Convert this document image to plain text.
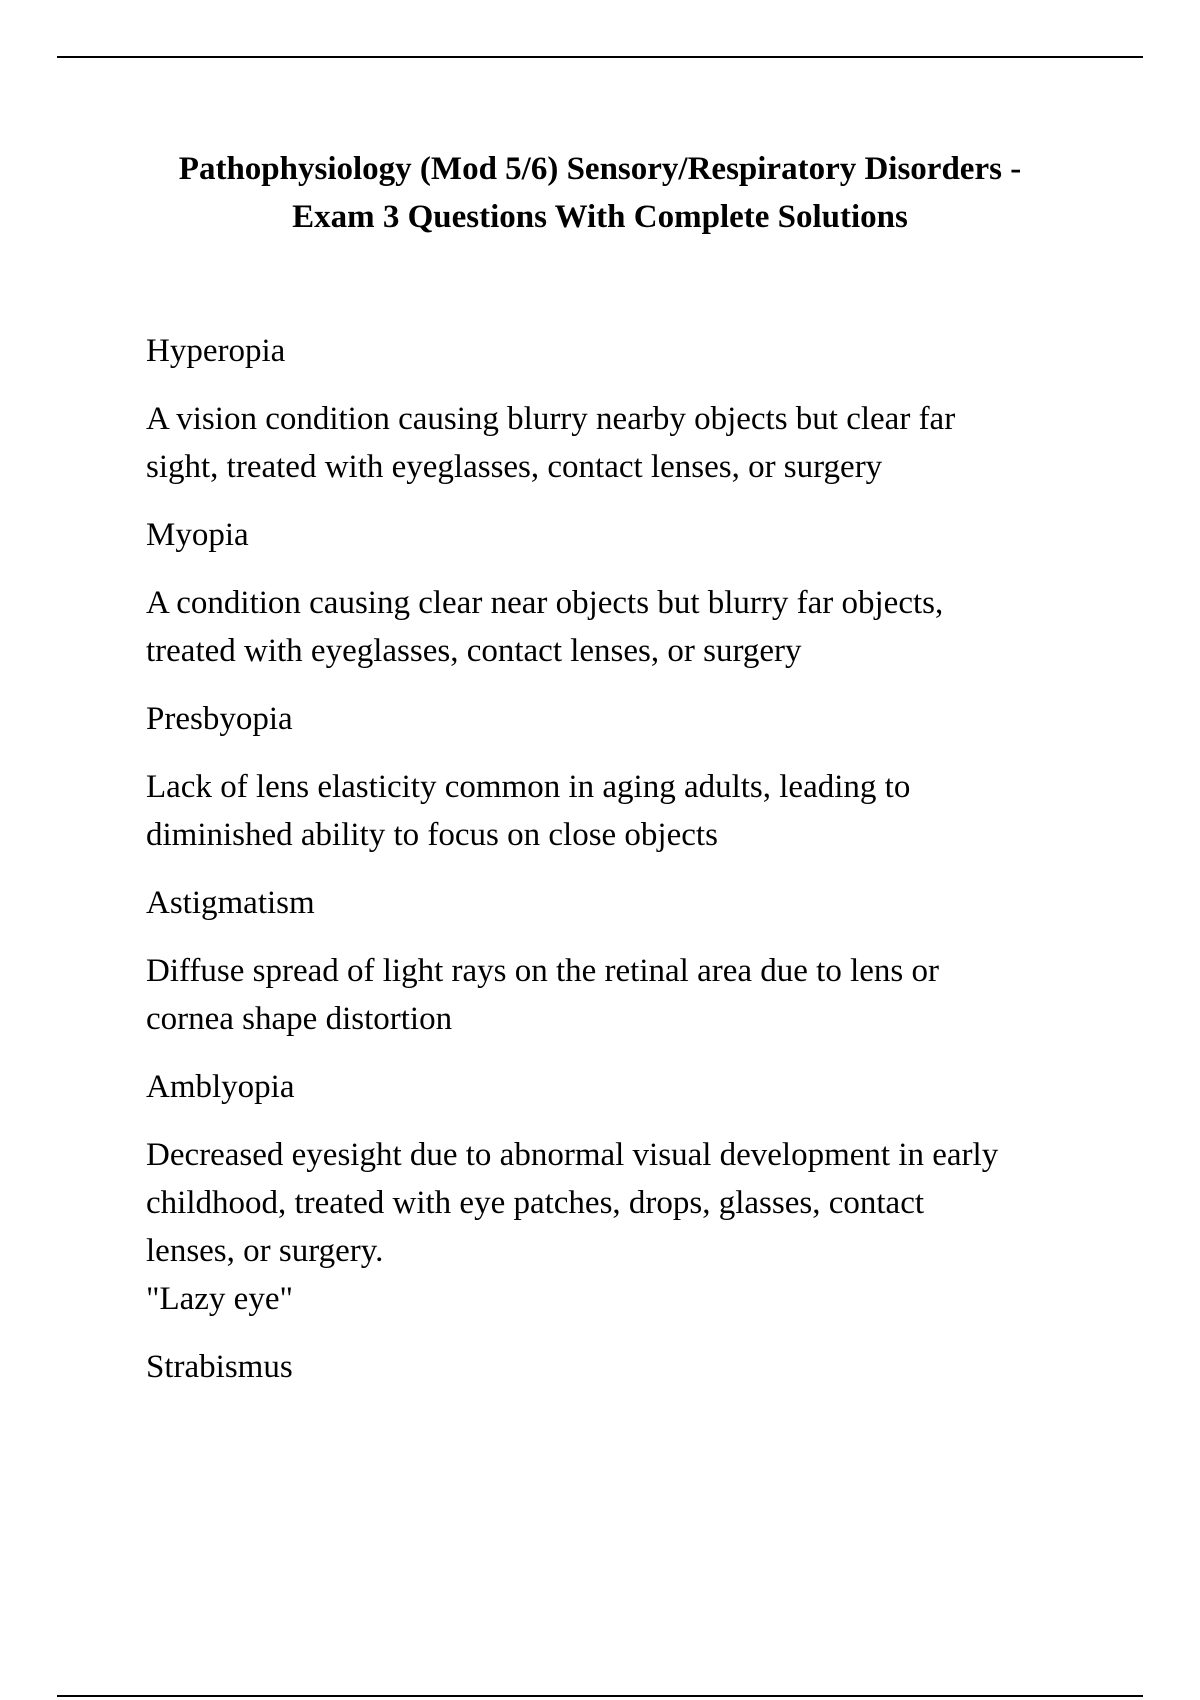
Pathophysiology (Mod 5/6) Sensory/Respiratory Disorders -
Exam 3 Questions With Complete Solutions

Hyperopia

A vision condition causing blurry nearby objects but clear far
sight, treated with eyeglasses, contact lenses, or surgery

Myopia

A condition causing clear near objects but blurry far objects,
treated with eyeglasses, contact lenses, or surgery

Presbyopia

Lack of lens elasticity common in aging adults, leading to
diminished ability to focus on close objects

Astigmatism

Diffuse spread of light rays on the retinal area due to lens or
cornea shape distortion

Amblyopia

Decreased eyesight due to abnormal visual development in early
childhood, treated with eye patches, drops, glasses, contact
lenses, or surgery.
"Lazy eye"

Strabismus
